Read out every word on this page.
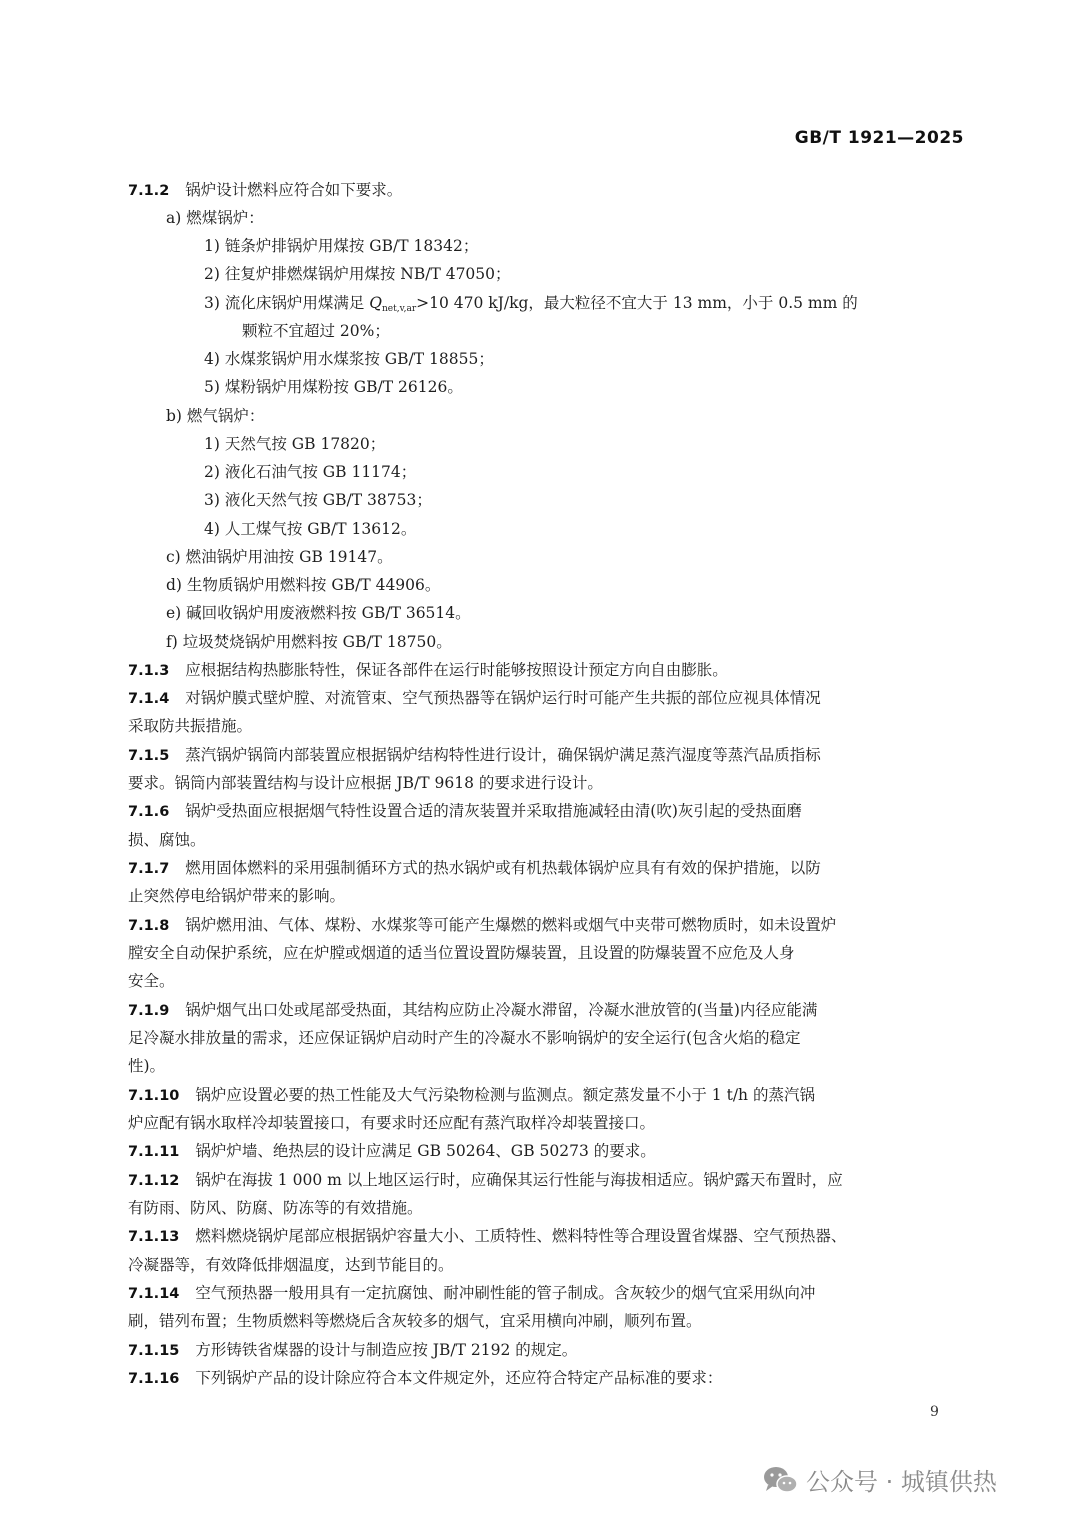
GB/T 1921—2025
7.1.2 锅炉设计燃料应符合如下要求。
a) 燃煤锅炉：
1) 链条炉排锅炉用煤按 GB/T 18342；
2) 往复炉排燃煤锅炉用煤按 NB/T 47050；
3) 流化床锅炉用煤满足 $Q_{net,v,ar}>10$ 470 kJ/kg，最大粒径不宜大于 13 mm，小于 0.5 mm 的
颗粒不宜超过 20%；
4) 水煤浆锅炉用水煤浆按 GB/T 18855；
5) 煤粉锅炉用煤粉按 GB/T 26126。
b) 燃气锅炉：
1) 天然气按 GB 17820；
2) 液化石油气按 GB 11174；
3) 液化天然气按 GB/T 38753；
4) 人工煤气按 GB/T 13612。
c) 燃油锅炉用油按 GB 19147。
d) 生物质锅炉用燃料按 GB/T 44906。
e) 碱回收锅炉用废液燃料按 GB/T 36514。
f) 垃圾焚烧锅炉用燃料按 GB/T 18750。
7.1.3 应根据结构热膨胀特性，保证各部件在运行时能够按照设计预定方向自由膨胀。
7.1.4 对锅炉膜式壁炉膛、对流管束、空气预热器等在锅炉运行时可能产生共振的部位应视具体情况
采取防共振措施。
7.1.5 蒸汽锅炉锅筒内部装置应根据锅炉结构特性进行设计，确保锅炉满足蒸汽湿度等蒸汽品质指标
要求。锅筒内部装置结构与设计应根据 JB/T 9618 的要求进行设计。
7.1.6 锅炉受热面应根据烟气特性设置合适的清灰装置并采取措施减轻由清(吹)灰引起的受热面磨
损、腐蚀。
7.1.7 燃用固体燃料的采用强制循环方式的热水锅炉或有机热载体锅炉应具有有效的保护措施，以防
止突然停电给锅炉带来的影响。
7.1.8 锅炉燃用油、气体、煤粉、水煤浆等可能产生爆燃的燃料或烟气中夹带可燃物质时，如未设置炉
膛安全自动保护系统，应在炉膛或烟道的适当位置设置防爆装置，且设置的防爆装置不应危及人身
安全。
7.1.9 锅炉烟气出口处或尾部受热面，其结构应防止冷凝水滞留，冷凝水泄放管的(当量)内径应能满
足冷凝水排放量的需求，还应保证锅炉启动时产生的冷凝水不影响锅炉的安全运行(包含火焰的稳定
性)。
7.1.10 锅炉应设置必要的热工性能及大气污染物检测与监测点。额定蒸发量不小于 1 t/h 的蒸汽锅
炉应配有锅水取样冷却装置接口，有要求时还应配有蒸汽取样冷却装置接口。
7.1.11 锅炉炉墙、绝热层的设计应满足 GB 50264、GB 50273 的要求。
7.1.12 锅炉在海拔 1 000 m 以上地区运行时，应确保其运行性能与海拔相适应。锅炉露天布置时，应
有防雨、防风、防腐、防冻等的有效措施。
7.1.13 燃料燃烧锅炉尾部应根据锅炉容量大小、工质特性、燃料特性等合理设置省煤器、空气预热器、
冷凝器等，有效降低排烟温度，达到节能目的。
7.1.14 空气预热器一般用具有一定抗腐蚀、耐冲刷性能的管子制成。含灰较少的烟气宜采用纵向冲
刷，错列布置；生物质燃料等燃烧后含灰较多的烟气，宜采用横向冲刷，顺列布置。
7.1.15 方形铸铁省煤器的设计与制造应按 JB/T 2192 的规定。
7.1.16 下列锅炉产品的设计除应符合本文件规定外，还应符合特定产品标准的要求：
9
公众号 · 城镇供热
